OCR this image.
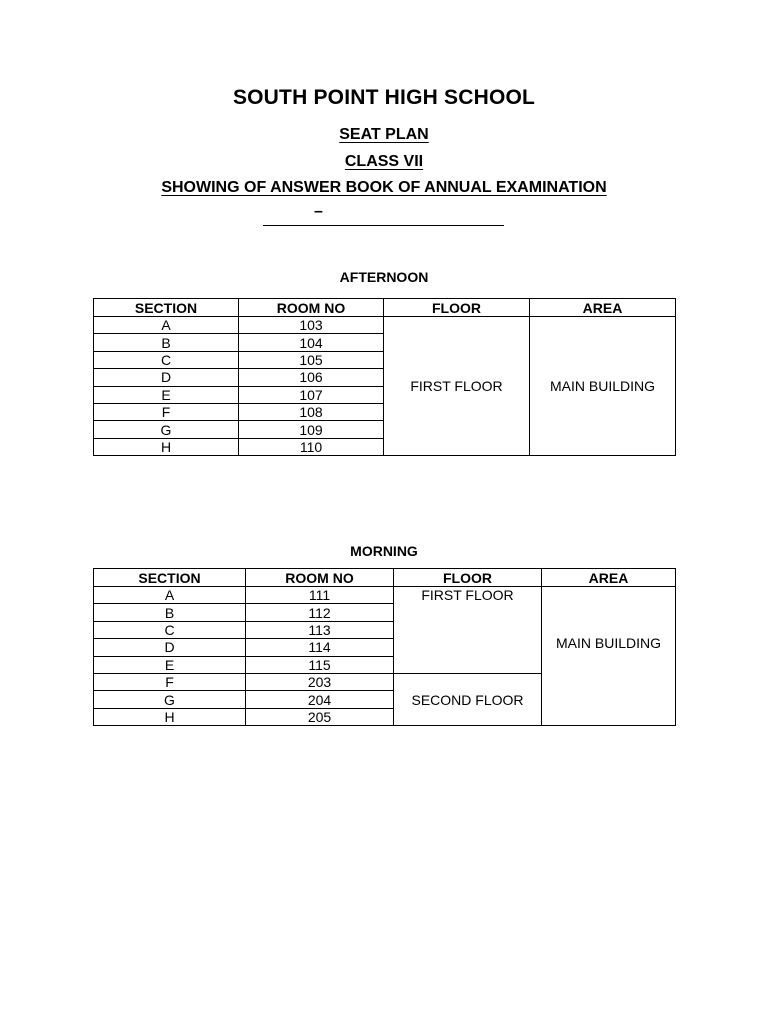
SOUTH POINT HIGH SCHOOL
SEAT PLAN
CLASS VII
SHOWING OF ANSWER BOOK OF ANNUAL EXAMINATION
–
AFTERNOON
SECTION	ROOM NO	FLOOR	AREA
A	103	FIRST FLOOR	MAIN BUILDING
B	104		
C	105		
D	106		
E	107		
F	108		
G	109		
H	110		
MORNING
SECTION	ROOM NO	FLOOR	AREA
A	111	FIRST FLOOR	MAIN BUILDING
B	112		
C	113		
D	114		
E	115		
F	203	SECOND FLOOR	
G	204		
H	205		
